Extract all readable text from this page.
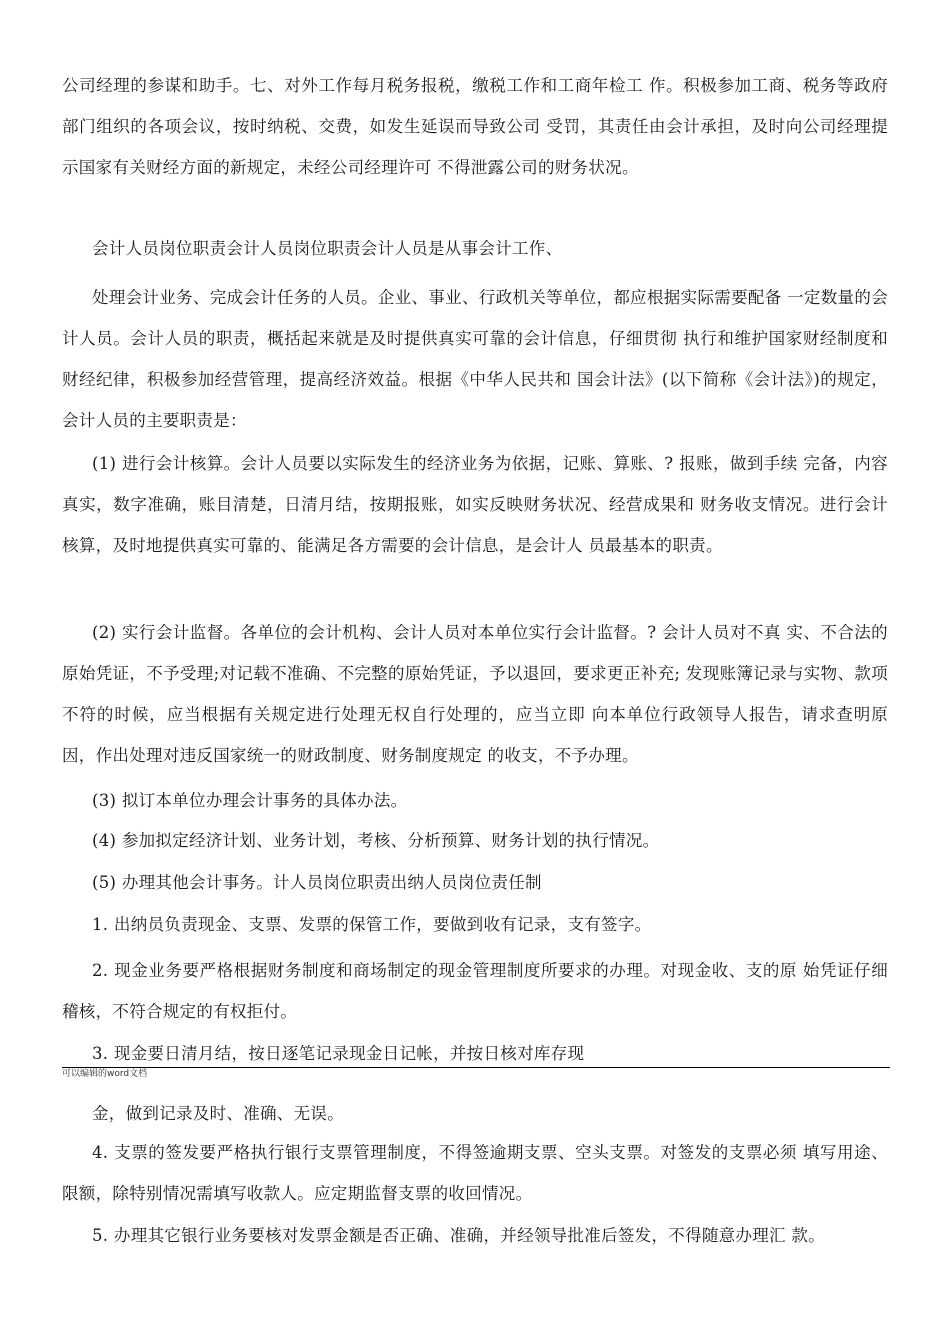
公司经理的参谋和助手。七、对外工作每月税务报税，缴税工作和工商年检工 作。积极参加工商、税务等政府部门组织的各项会议，按时纳税、交费，如发生延误而导致公司 受罚，其责任由会计承担，及时向公司经理提示国家有关财经方面的新规定，未经公司经理许可 不得泄露公司的财务状况。

会计人员岗位职责会计人员岗位职责会计人员是从事会计工作、

处理会计业务、完成会计任务的人员。企业、事业、行政机关等单位，都应根据实际需要配备 一定数量的会计人员。会计人员的职责，概括起来就是及时提供真实可靠的会计信息，仔细贯彻 执行和维护国家财经制度和财经纪律，积极参加经营管理，提高经济效益。根据《中华人民共和 国会计法》(以下简称《会计法》)的规定，会计人员的主要职责是：

(1) 进行会计核算。会计人员要以实际发生的经济业务为依据，记账、算账、? 报账，做到手续 完备，内容真实，数字准确，账目清楚，日清月结，按期报账，如实反映财务状况、经营成果和 财务收支情况。进行会计核算，及时地提供真实可靠的、能满足各方需要的会计信息，是会计人 员最基本的职责。

(2) 实行会计监督。各单位的会计机构、会计人员对本单位实行会计监督。? 会计人员对不真 实、不合法的原始凭证，不予受理;对记载不准确、不完整的原始凭证，予以退回，要求更正补充; 发现账簿记录与实物、款项不符的时候，应当根据有关规定进行处理无权自行处理的，应当立即 向本单位行政领导人报告，请求查明原因，作出处理对违反国家统一的财政制度、财务制度规定 的收支，不予办理。

(3) 拟订本单位办理会计事务的具体办法。

(4) 参加拟定经济计划、业务计划，考核、分析预算、财务计划的执行情况。

(5) 办理其他会计事务。计人员岗位职责出纳人员岗位责任制

1. 出纳员负责现金、支票、发票的保管工作，要做到收有记录，支有签字。

2. 现金业务要严格根据财务制度和商场制定的现金管理制度所要求的办理。对现金收、支的原 始凭证仔细稽核，不符合规定的有权拒付。

3. 现金要日清月结，按日逐笔记录现金日记帐，并按日核对库存现

可以编辑的word文档

金，做到记录及时、准确、无误。

4. 支票的签发要严格执行银行支票管理制度，不得签逾期支票、空头支票。对签发的支票必须 填写用途、限额，除特别情况需填写收款人。应定期监督支票的收回情况。

5. 办理其它银行业务要核对发票金额是否正确、准确，并经领导批准后签发，不得随意办理汇 款。
